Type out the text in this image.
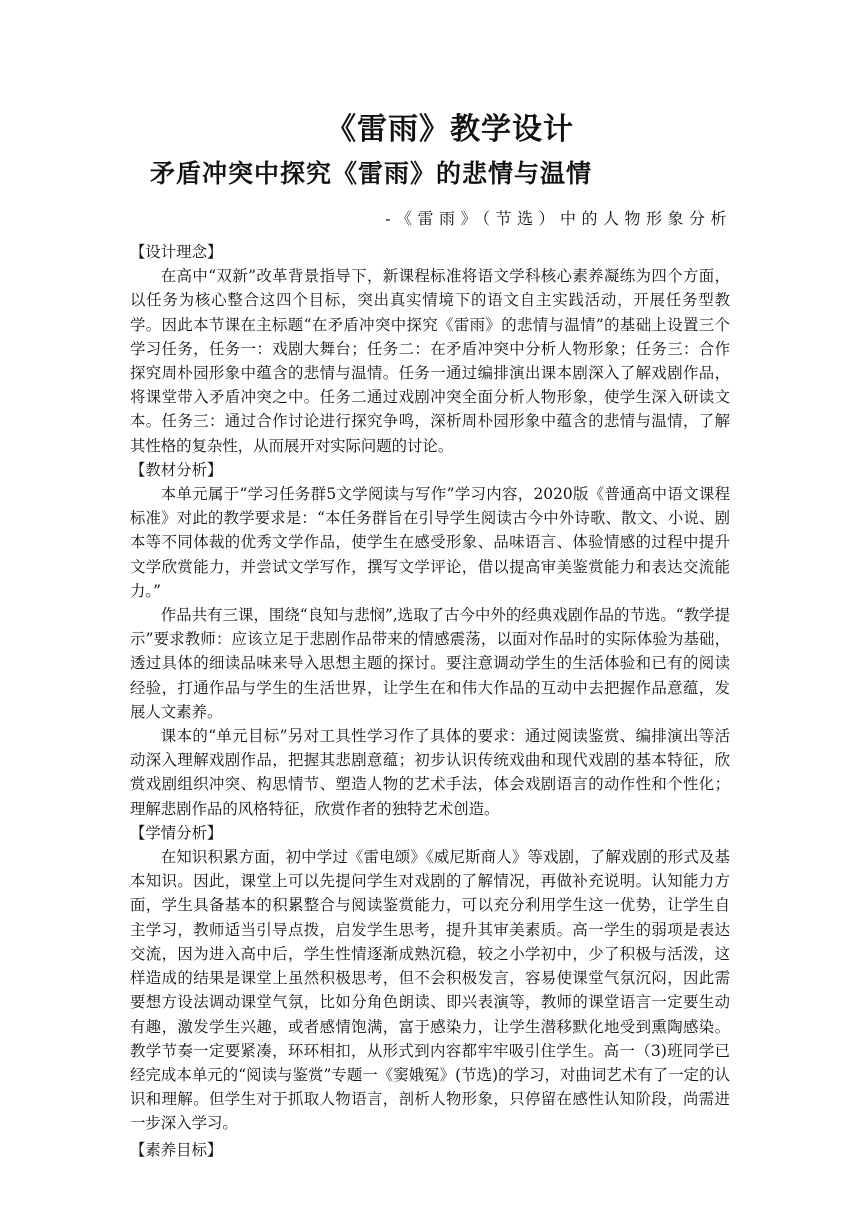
《雷雨》教学设计
矛盾冲突中探究《雷雨》的悲情与温情

-《雷雨》（节选）中的人物形象分析

【设计理念】

在高中“双新”改革背景指导下，新课程标准将语文学科核心素养凝练为四个方面，以任务为核心整合这四个目标，突出真实情境下的语文自主实践活动，开展任务型教学。因此本节课在主标题“在矛盾冲突中探究《雷雨》的悲情与温情”的基础上设置三个学习任务，任务一：戏剧大舞台；任务二：在矛盾冲突中分析人物形象；任务三：合作探究周朴园形象中蕴含的悲情与温情。任务一通过编排演出课本剧深入了解戏剧作品，将课堂带入矛盾冲突之中。任务二通过戏剧冲突全面分析人物形象，使学生深入研读文本。任务三：通过合作讨论进行探究争鸣，深析周朴园形象中蕴含的悲情与温情，了解其性格的复杂性，从而展开对实际问题的讨论。

【教材分析】

本单元属于“学习任务群5文学阅读与写作”学习内容，2020版《普通高中语文课程标准》对此的教学要求是：“本任务群旨在引导学生阅读古今中外诗歌、散文、小说、剧本等不同体裁的优秀文学作品，使学生在感受形象、品味语言、体验情感的过程中提升文学欣赏能力，并尝试文学写作，撰写文学评论，借以提高审美鉴赏能力和表达交流能力。”

作品共有三课，围绕“良知与悲悯”,选取了古今中外的经典戏剧作品的节选。“教学提示”要求教师：应该立足于悲剧作品带来的情感震荡，以面对作品时的实际体验为基础，透过具体的细读品味来导入思想主题的探讨。要注意调动学生的生活体验和已有的阅读经验，打通作品与学生的生活世界，让学生在和伟大作品的互动中去把握作品意蕴，发展人文素养。

课本的“单元目标”另对工具性学习作了具体的要求：通过阅读鉴赏、编排演出等活动深入理解戏剧作品，把握其悲剧意蕴；初步认识传统戏曲和现代戏剧的基本特征，欣赏戏剧组织冲突、构思情节、塑造人物的艺术手法，体会戏剧语言的动作性和个性化；理解悲剧作品的风格特征，欣赏作者的独特艺术创造。

【学情分析】

在知识积累方面，初中学过《雷电颂》《威尼斯商人》等戏剧，了解戏剧的形式及基本知识。因此，课堂上可以先提问学生对戏剧的了解情况，再做补充说明。认知能力方面，学生具备基本的积累整合与阅读鉴赏能力，可以充分利用学生这一优势，让学生自主学习，教师适当引导点拨，启发学生思考，提升其审美素质。高一学生的弱项是表达交流，因为进入高中后，学生性情逐渐成熟沉稳，较之小学初中，少了积极与活泼，这样造成的结果是课堂上虽然积极思考，但不会积极发言，容易使课堂气氛沉闷，因此需要想方设法调动课堂气氛，比如分角色朗读、即兴表演等，教师的课堂语言一定要生动有趣，激发学生兴趣，或者感情饱满，富于感染力，让学生潜移默化地受到熏陶感染。教学节奏一定要紧凑，环环相扣，从形式到内容都牢牢吸引住学生。高一（3)班同学已经完成本单元的“阅读与鉴赏”专题一《窦娥冤》(节选)的学习，对曲词艺术有了一定的认识和理解。但学生对于抓取人物语言，剖析人物形象，只停留在感性认知阶段，尚需进一步深入学习。

【素养目标】
